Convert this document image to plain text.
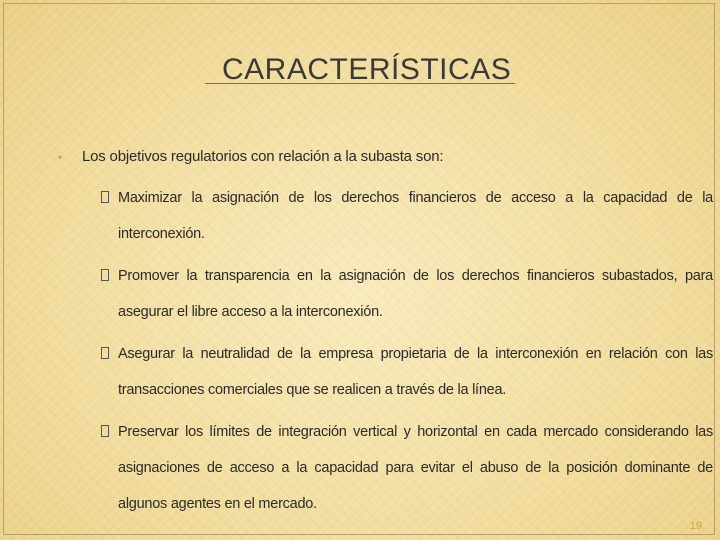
CARACTERÍSTICAS
◦	Los objetivos regulatorios con relación a la subasta son:
Maximizar la asignación de los derechos financieros de acceso a la capacidad de la interconexión.
Promover la transparencia en la asignación de los derechos financieros subastados, para asegurar el libre acceso a la interconexión.
Asegurar la neutralidad de la empresa propietaria de la interconexión en relación con las transacciones comerciales que se realicen a través de la línea.
Preservar los límites de integración vertical y horizontal en cada mercado considerando las asignaciones de acceso a la capacidad para evitar el abuso de la posición dominante de algunos agentes en el mercado.
19
